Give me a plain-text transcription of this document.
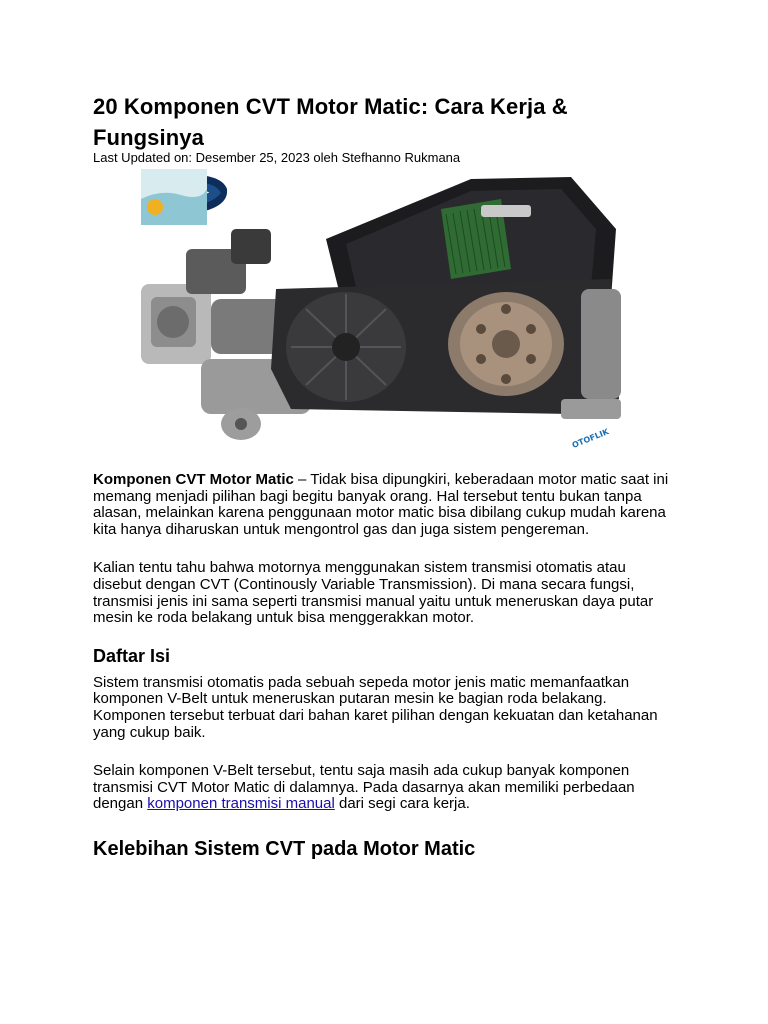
20 Komponen CVT Motor Matic: Cara Kerja & Fungsinya
Last Updated on: Desember 25, 2023 oleh Stefhanno Rukmana
OTOFLIK

Komponen CVT Motor Matic – Tidak bisa dipungkiri, keberadaan motor matic saat ini memang menjadi pilihan bagi begitu banyak orang. Hal tersebut tentu bukan tanpa alasan, melainkan karena penggunaan motor matic bisa dibilang cukup mudah karena kita hanya diharuskan untuk mengontrol gas dan juga sistem pengereman.

Kalian tentu tahu bahwa motornya menggunakan sistem transmisi otomatis atau disebut dengan CVT (Continously Variable Transmission). Di mana secara fungsi, transmisi jenis ini sama seperti transmisi manual yaitu untuk meneruskan daya putar mesin ke roda belakang untuk bisa menggerakkan motor.

Daftar Isi

Sistem transmisi otomatis pada sebuah sepeda motor jenis matic memanfaatkan komponen V-Belt untuk meneruskan putaran mesin ke bagian roda belakang. Komponen tersebut terbuat dari bahan karet pilihan dengan kekuatan dan ketahanan yang cukup baik.

Selain komponen V-Belt tersebut, tentu saja masih ada cukup banyak komponen transmisi CVT Motor Matic di dalamnya. Pada dasarnya akan memiliki perbedaan dengan komponen transmisi manual dari segi cara kerja.

Kelebihan Sistem CVT pada Motor Matic
